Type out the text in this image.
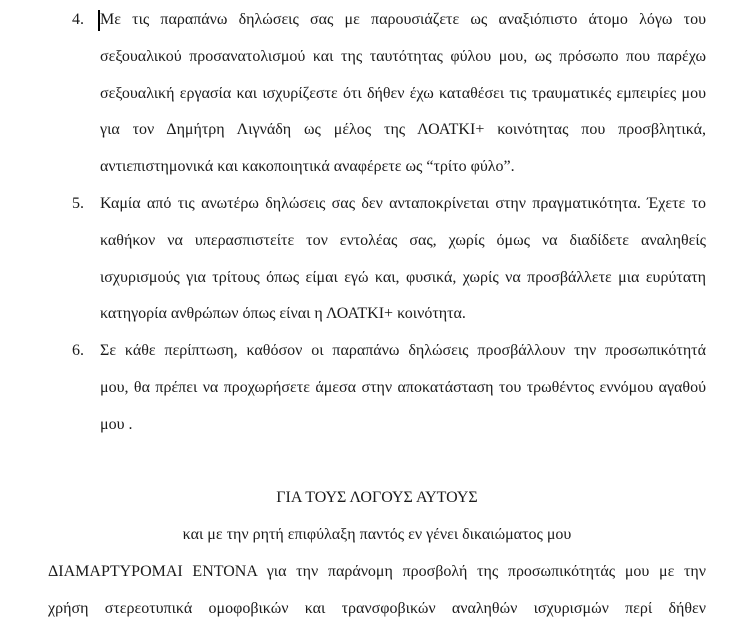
4.	Με τις παραπάνω δηλώσεις σας με παρουσιάζετε ως αναξιόπιστο άτομο λόγω του
σεξουαλικού προσανατολισμού και της ταυτότητας φύλου μου, ως πρόσωπο που παρέχω
σεξουαλική εργασία και ισχυρίζεστε ότι δήθεν έχω καταθέσει τις τραυματικές εμπειρίες μου
για τον Δημήτρη Λιγνάδη ως μέλος της ΛΟΑΤΚΙ+ κοινότητας που προσβλητικά,
αντιεπιστημονικά και κακοποιητικά αναφέρετε ως “τρίτο φύλο”.
5.	Καμία από τις ανωτέρω δηλώσεις σας δεν ανταποκρίνεται στην πραγματικότητα. Έχετε το
καθήκον να υπερασπιστείτε τον εντολέας σας, χωρίς όμως να διαδίδετε αναληθείς
ισχυρισμούς για τρίτους όπως είμαι εγώ και, φυσικά, χωρίς να προσβάλλετε μια ευρύτατη
κατηγορία ανθρώπων όπως είναι η ΛΟΑΤΚΙ+ κοινότητα.
6.	Σε κάθε περίπτωση, καθόσον οι παραπάνω δηλώσεις προσβάλλουν την προσωπικότητά
μου, θα πρέπει να προχωρήσετε άμεσα στην αποκατάσταση του τρωθέντος εννόμου αγαθού
μου .
ΓΙΑ ΤΟΥΣ ΛΟΓΟΥΣ ΑΥΤΟΥΣ
και με την ρητή επιφύλαξη παντός εν γένει δικαιώματος μου
ΔΙΑΜΑΡΤΥΡΟΜΑΙ ΕΝΤΟΝΑ για την παράνομη προσβολή της προσωπικότητάς μου με την
χρήση στερεοτυπικά ομοφοβικών και τρανσφοβικών αναληθών ισχυρισμών περί δήθεν
